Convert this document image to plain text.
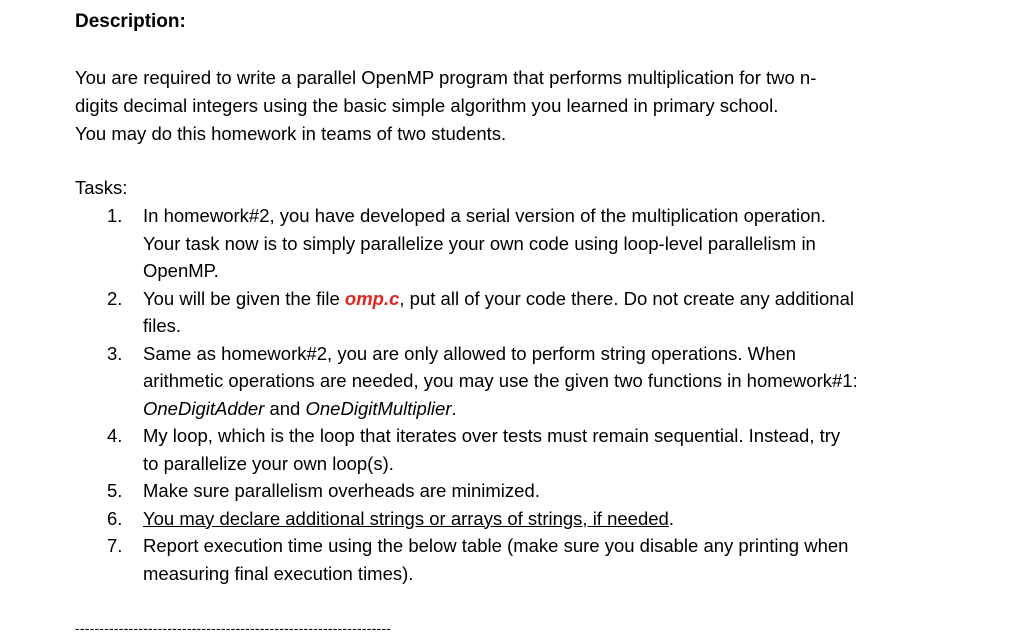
Description:
You are required to write a parallel OpenMP program that performs multiplication for two n-
digits decimal integers using the basic simple algorithm you learned in primary school.
You may do this homework in teams of two students.
Tasks:
1. In homework#2, you have developed a serial version of the multiplication operation.
Your task now is to simply parallelize your own code using loop-level parallelism in
OpenMP.
2. You will be given the file omp.c, put all of your code there. Do not create any additional
files.
3. Same as homework#2, you are only allowed to perform string operations. When
arithmetic operations are needed, you may use the given two functions in homework#1:
OneDigitAdder and OneDigitMultiplier.
4. My loop, which is the loop that iterates over tests must remain sequential. Instead, try
to parallelize your own loop(s).
5. Make sure parallelism overheads are minimized.
6. You may declare additional strings or arrays of strings, if needed.
7. Report execution time using the below table (make sure you disable any printing when
measuring final execution times).
-----------------------------------------------------------------
